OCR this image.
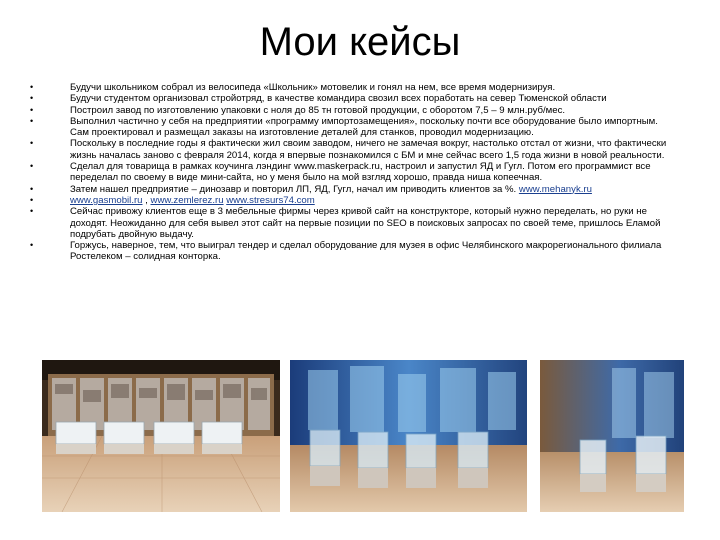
Мои кейсы
•	Будучи школьником собрал из велосипеда «Школьник» мотовелик и гонял на нем, все время модернизируя.
•	Будучи студентом организовал стройотряд, в качестве командира свозил всех поработать на север Тюменской области
•	Построил завод по изготовлению упаковки с ноля до 85 тн готовой продукции, с оборотом 7,5 – 9 млн.руб/мес.
•	Выполнил частично у себя на предприятии «программу импортозамещения», поскольку почти все оборудование было импортным. Сам проектировал и размещал заказы на изготовление деталей для станков, проводил модернизацию.
•	Поскольку в последние годы я фактически жил своим заводом, ничего не замечая вокруг, настолько отстал от жизни, что фактически жизнь началась заново с февраля 2014, когда я впервые познакомился с БМ и мне сейчас всего 1,5 года жизни в новой реальности.
•	Сделал для товарища в рамках коучинга лэндинг www.maskerpack.ru, настроил и запустил ЯД и Гугл. Потом его программист все переделал по своему в виде мини-сайта, но у меня было на мой взгляд хорошо, правда ниша копеечная.
•	Затем нашел предприятие – динозавр и повторил ЛП, ЯД, Гугл, начал им приводить клиентов за %. www.mehanyk.ru
•	www.gasmobil.ru , www.zemlerez.ru www.stresurs74.com
•	Сейчас привожу клиентов еще в 3 мебельные фирмы через кривой сайт на конструкторе, который нужно переделать, но руки не доходят. Неожиданно для себя вывел этот сайт на первые позиции по SEO в поисковых запросах по своей теме, пришлось Еламой подрубать двойную выдачу.
•	Горжусь, наверное, тем, что выиграл тендер и сделал оборудование для музея в офис Челябинского макрорегионального филиала Ростелеком – солидная конторка.
